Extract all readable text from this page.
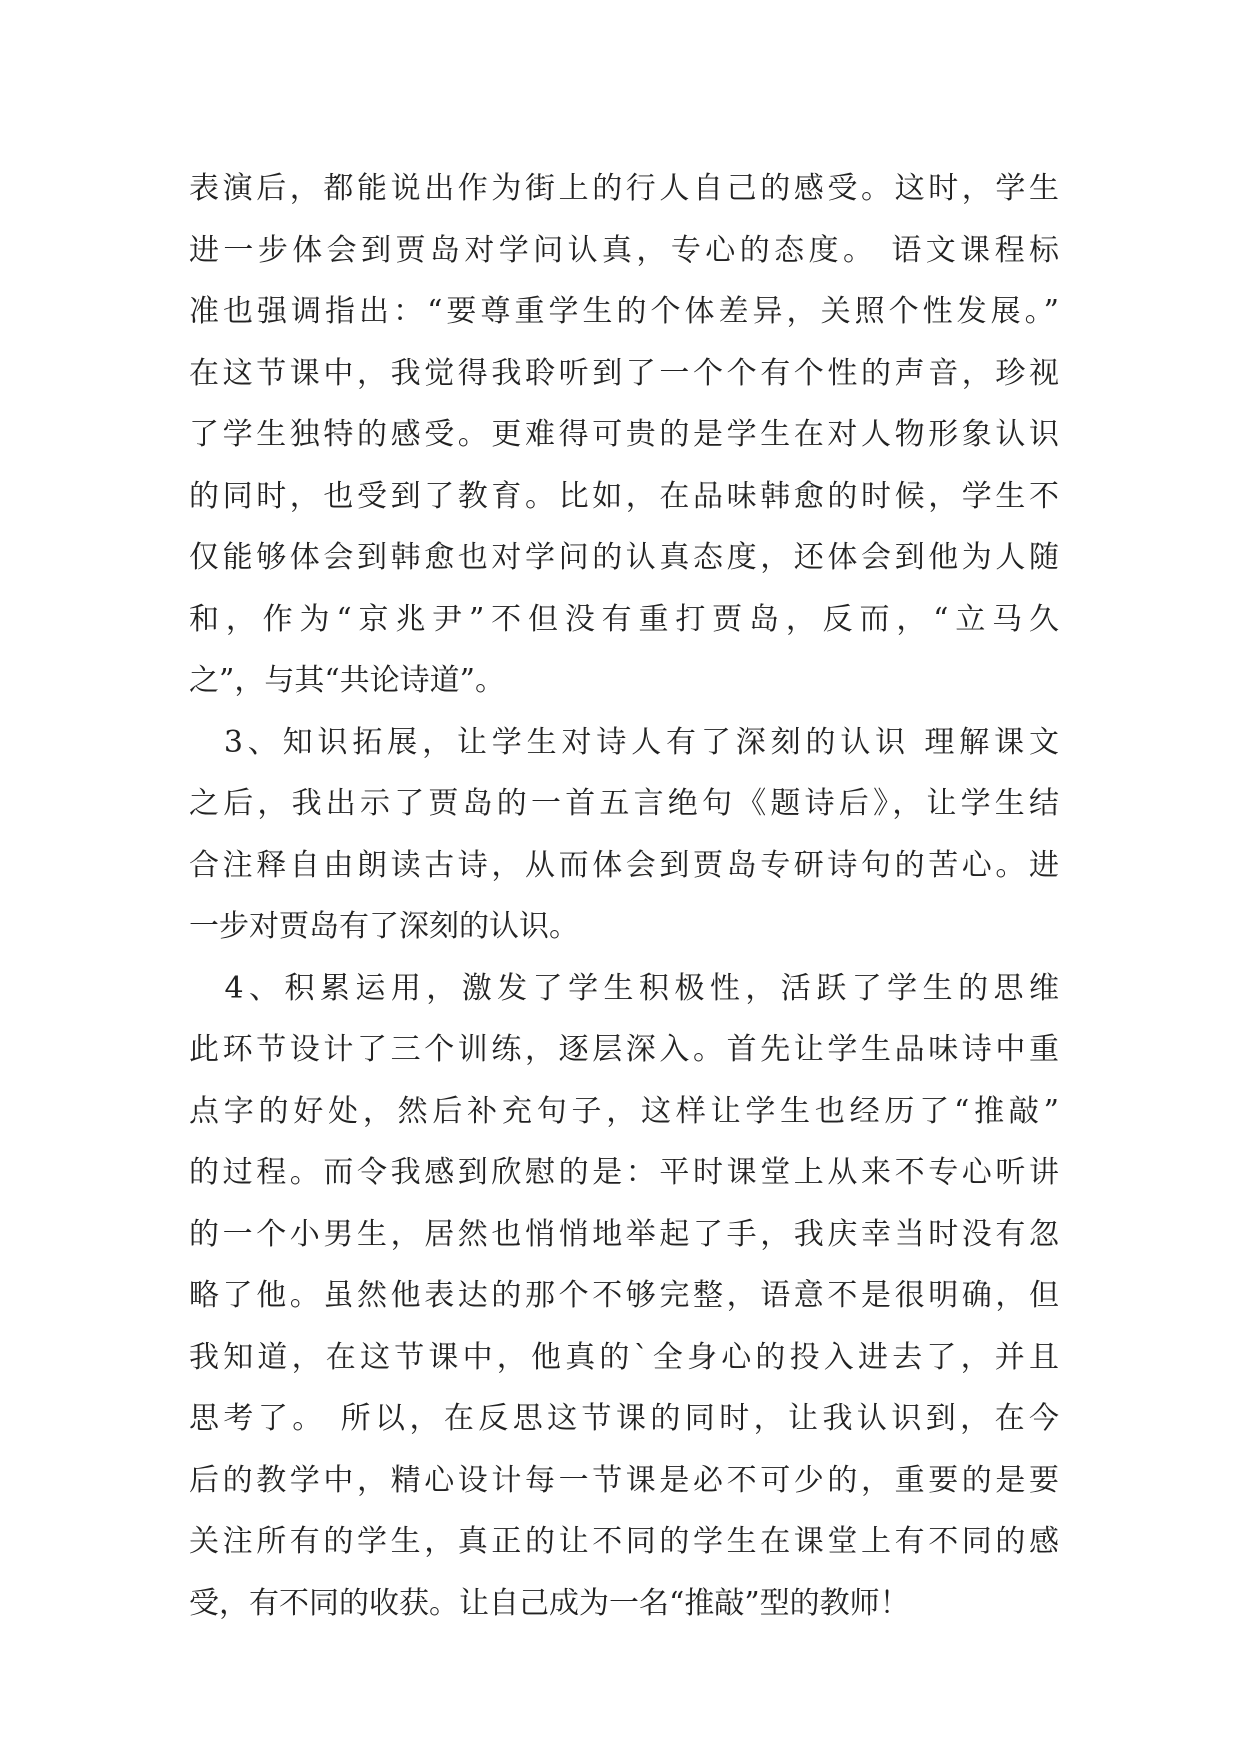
表演后，都能说出作为街上的行人自己的感受。这时，学生
进一步体会到贾岛对学问认真，专心的态度。 语文课程标
准也强调指出：“要尊重学生的个体差异，关照个性发展。”
在这节课中，我觉得我聆听到了一个个有个性的声音，珍视
了学生独特的感受。更难得可贵的是学生在对人物形象认识
的同时，也受到了教育。比如，在品味韩愈的时候，学生不
仅能够体会到韩愈也对学问的认真态度，还体会到他为人随
和，作为“京兆尹”不但没有重打贾岛，反而，“立马久
之”，与其“共论诗道”。
　3、知识拓展，让学生对诗人有了深刻的认识 理解课文
之后，我出示了贾岛的一首五言绝句《题诗后》，让学生结
合注释自由朗读古诗，从而体会到贾岛专研诗句的苦心。进
一步对贾岛有了深刻的认识。
　4、积累运用，激发了学生积极性，活跃了学生的思维
此环节设计了三个训练，逐层深入。首先让学生品味诗中重
点字的好处，然后补充句子，这样让学生也经历了“推敲”
的过程。而令我感到欣慰的是：平时课堂上从来不专心听讲
的一个小男生，居然也悄悄地举起了手，我庆幸当时没有忽
略了他。虽然他表达的那个不够完整，语意不是很明确，但
我知道，在这节课中，他真的`全身心的投入进去了，并且
思考了。 所以，在反思这节课的同时，让我认识到，在今
后的教学中，精心设计每一节课是必不可少的，重要的是要
关注所有的学生，真正的让不同的学生在课堂上有不同的感
受，有不同的收获。让自己成为一名“推敲”型的教师！
